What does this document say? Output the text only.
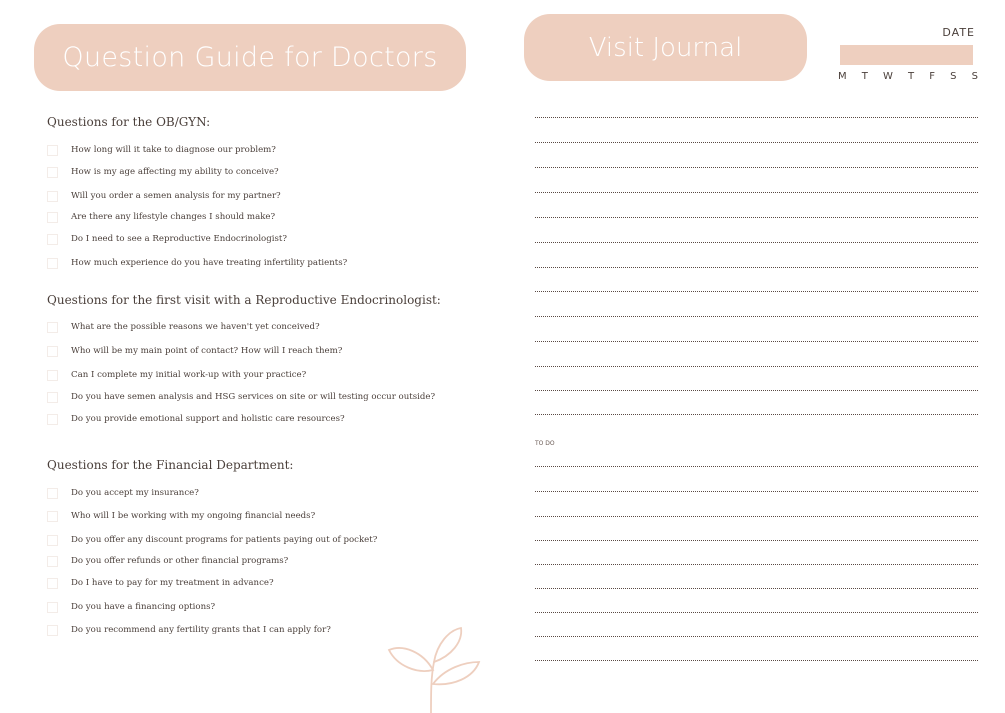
Question Guide for Doctors	Visit Journal	DATE
M T W T F S S
Questions for the OB/GYN:
How long will it take to diagnose our problem?
How is my age affecting my ability to conceive?
Will you order a semen analysis for my partner?
Are there any lifestyle changes I should make?
Do I need to see a Reproductive Endocrinologist?
How much experience do you have treating infertility patients?
Questions for the first visit with a Reproductive Endocrinologist:
What are the possible reasons we haven't yet conceived?
Who will be my main point of contact? How will I reach them?
Can I complete my initial work-up with your practice?
Do you have semen analysis and HSG services on site or will testing occur outside?
Do you provide emotional support and holistic care resources?
Questions for the Financial Department:
Do you accept my insurance?
Who will I be working with my ongoing financial needs?
Do you offer any discount programs for patients paying out of pocket?
Do you offer refunds or other financial programs?
Do I have to pay for my treatment in advance?
Do you have a financing options?
Do you recommend any fertility grants that I can apply for?
TO DO
